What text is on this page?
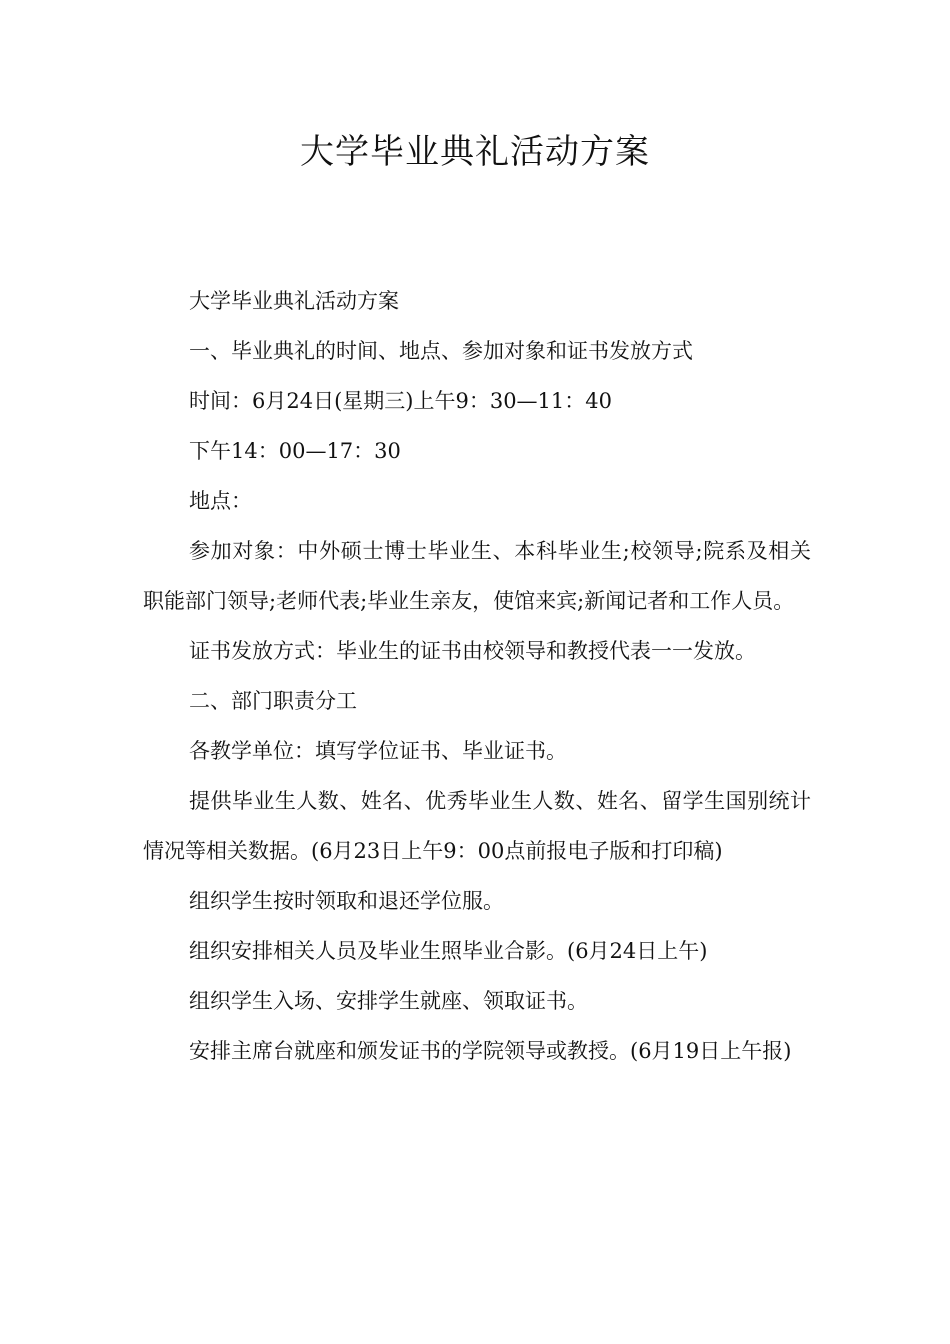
大学毕业典礼活动方案

大学毕业典礼活动方案

一、毕业典礼的时间、地点、参加对象和证书发放方式

时间：6月24日(星期三)上午9：30—11：40

下午14：00—17：30

地点：

参加对象：中外硕士博士毕业生、本科毕业生;校领导;院系及相关职能部门领导;老师代表;毕业生亲友，使馆来宾;新闻记者和工作人员。

证书发放方式：毕业生的证书由校领导和教授代表一一发放。

二、部门职责分工

各教学单位：填写学位证书、毕业证书。

提供毕业生人数、姓名、优秀毕业生人数、姓名、留学生国别统计情况等相关数据。(6月23日上午9：00点前报电子版和打印稿)

组织学生按时领取和退还学位服。

组织安排相关人员及毕业生照毕业合影。(6月24日上午)

组织学生入场、安排学生就座、领取证书。

安排主席台就座和颁发证书的学院领导或教授。(6月19日上午报)
